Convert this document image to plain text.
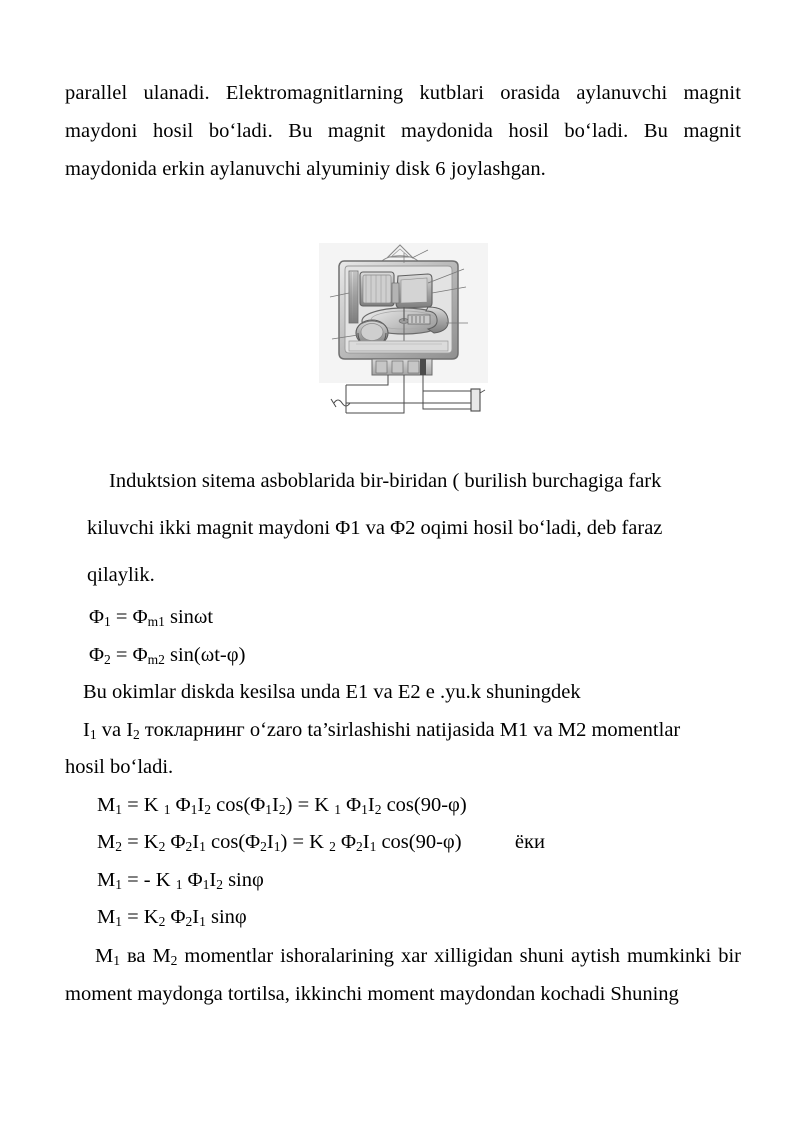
parallel ulanadi. Elektromagnitlarning kutblari orasida aylanuvchi magnit maydoni hosil bo‘ladi. Bu magnit maydonida hosil bo‘ladi. Bu magnit maydonida erkin aylanuvchi alyuminiy disk 6 joylashgan.

Induktsion sitema asboblarida bir-biridan ( burilish burchagiga fark
kiluvchi ikki magnit maydoni Φ1 va Φ2 oqimi hosil bo‘ladi, deb faraz
qilaylik.
$\Phi_1 = \Phi_{m1}$ sinωt
$\Phi_2 = \Phi_{m2}$ sin(ωt-φ)
Bu okimlar diskda kesilsa unda E1 va E2 e .yu.k shuningdek
$I_1$ va $I_2$ токларнинг o‘zaro ta’sirlashishi natijasida M1 va M2 momentlar
hosil bo‘ladi.
$M_1 = K$ $_1$ $\Phi_1I_2$ $\cos(\Phi_1I_2) = K$ $_1$ $\Phi_1I_2$ cos(90-φ)
$M_2 = K_2$ $\Phi_2I_1$ $\cos(\Phi_2I_1) = K$ $_2$ $\Phi_2I_1$ cos(90-φ)	ёки
$M_1$ = - K $_1$ $\Phi_1I_2$ sinφ
$M_1 = K_2$ $\Phi_2I_1$ sinφ

$M_1$ ва $M_2$ momentlar ishoralarining xar xilligidan shuni aytish mumkinki bir moment maydonga tortilsa, ikkinchi moment maydondan kochadi Shuning
